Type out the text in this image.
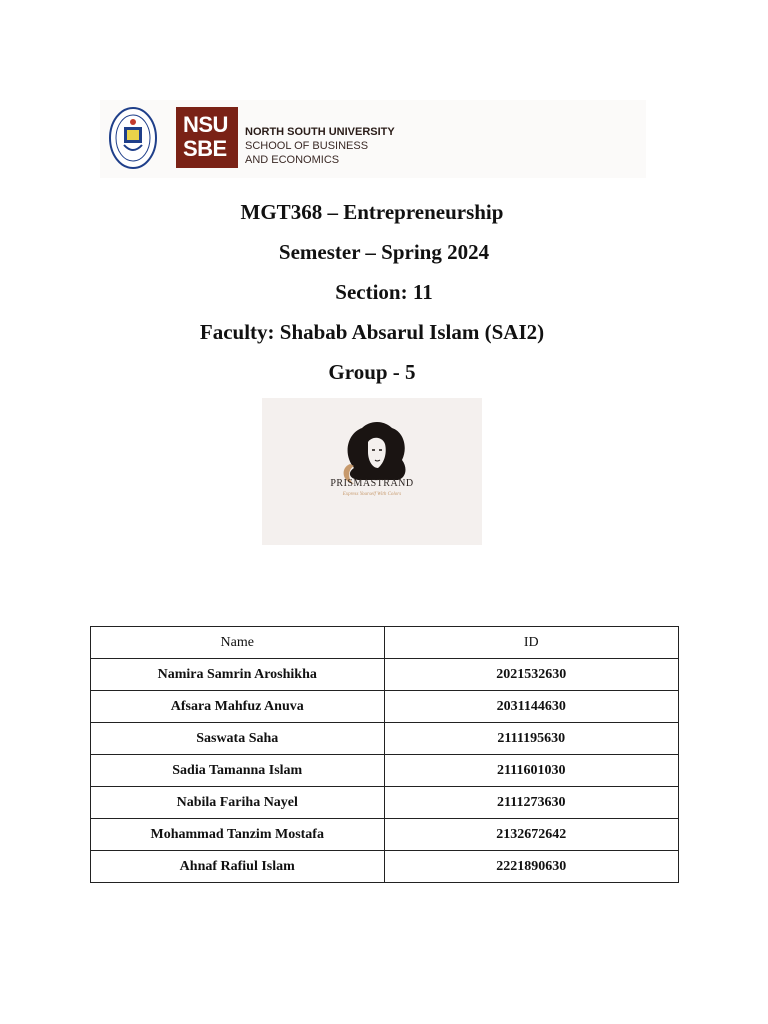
NSU
SBE
NORTH SOUTH UNIVERSITY
SCHOOL OF BUSINESS
AND ECONOMICS
MGT368 – Entrepreneurship
Semester – Spring 2024
Section: 11
Faculty: Shabab Absarul Islam (SAI2)
Group - 5
PRISMASTRAND
Express Yourself With Colors
Name	ID
Namira Samrin Aroshikha	2021532630
Afsara Mahfuz Anuva	2031144630
Saswata Saha	2111195630
Sadia Tamanna Islam	2111601030
Nabila Fariha Nayel	2111273630
Mohammad Tanzim Mostafa	2132672642
Ahnaf Rafiul Islam	2221890630
